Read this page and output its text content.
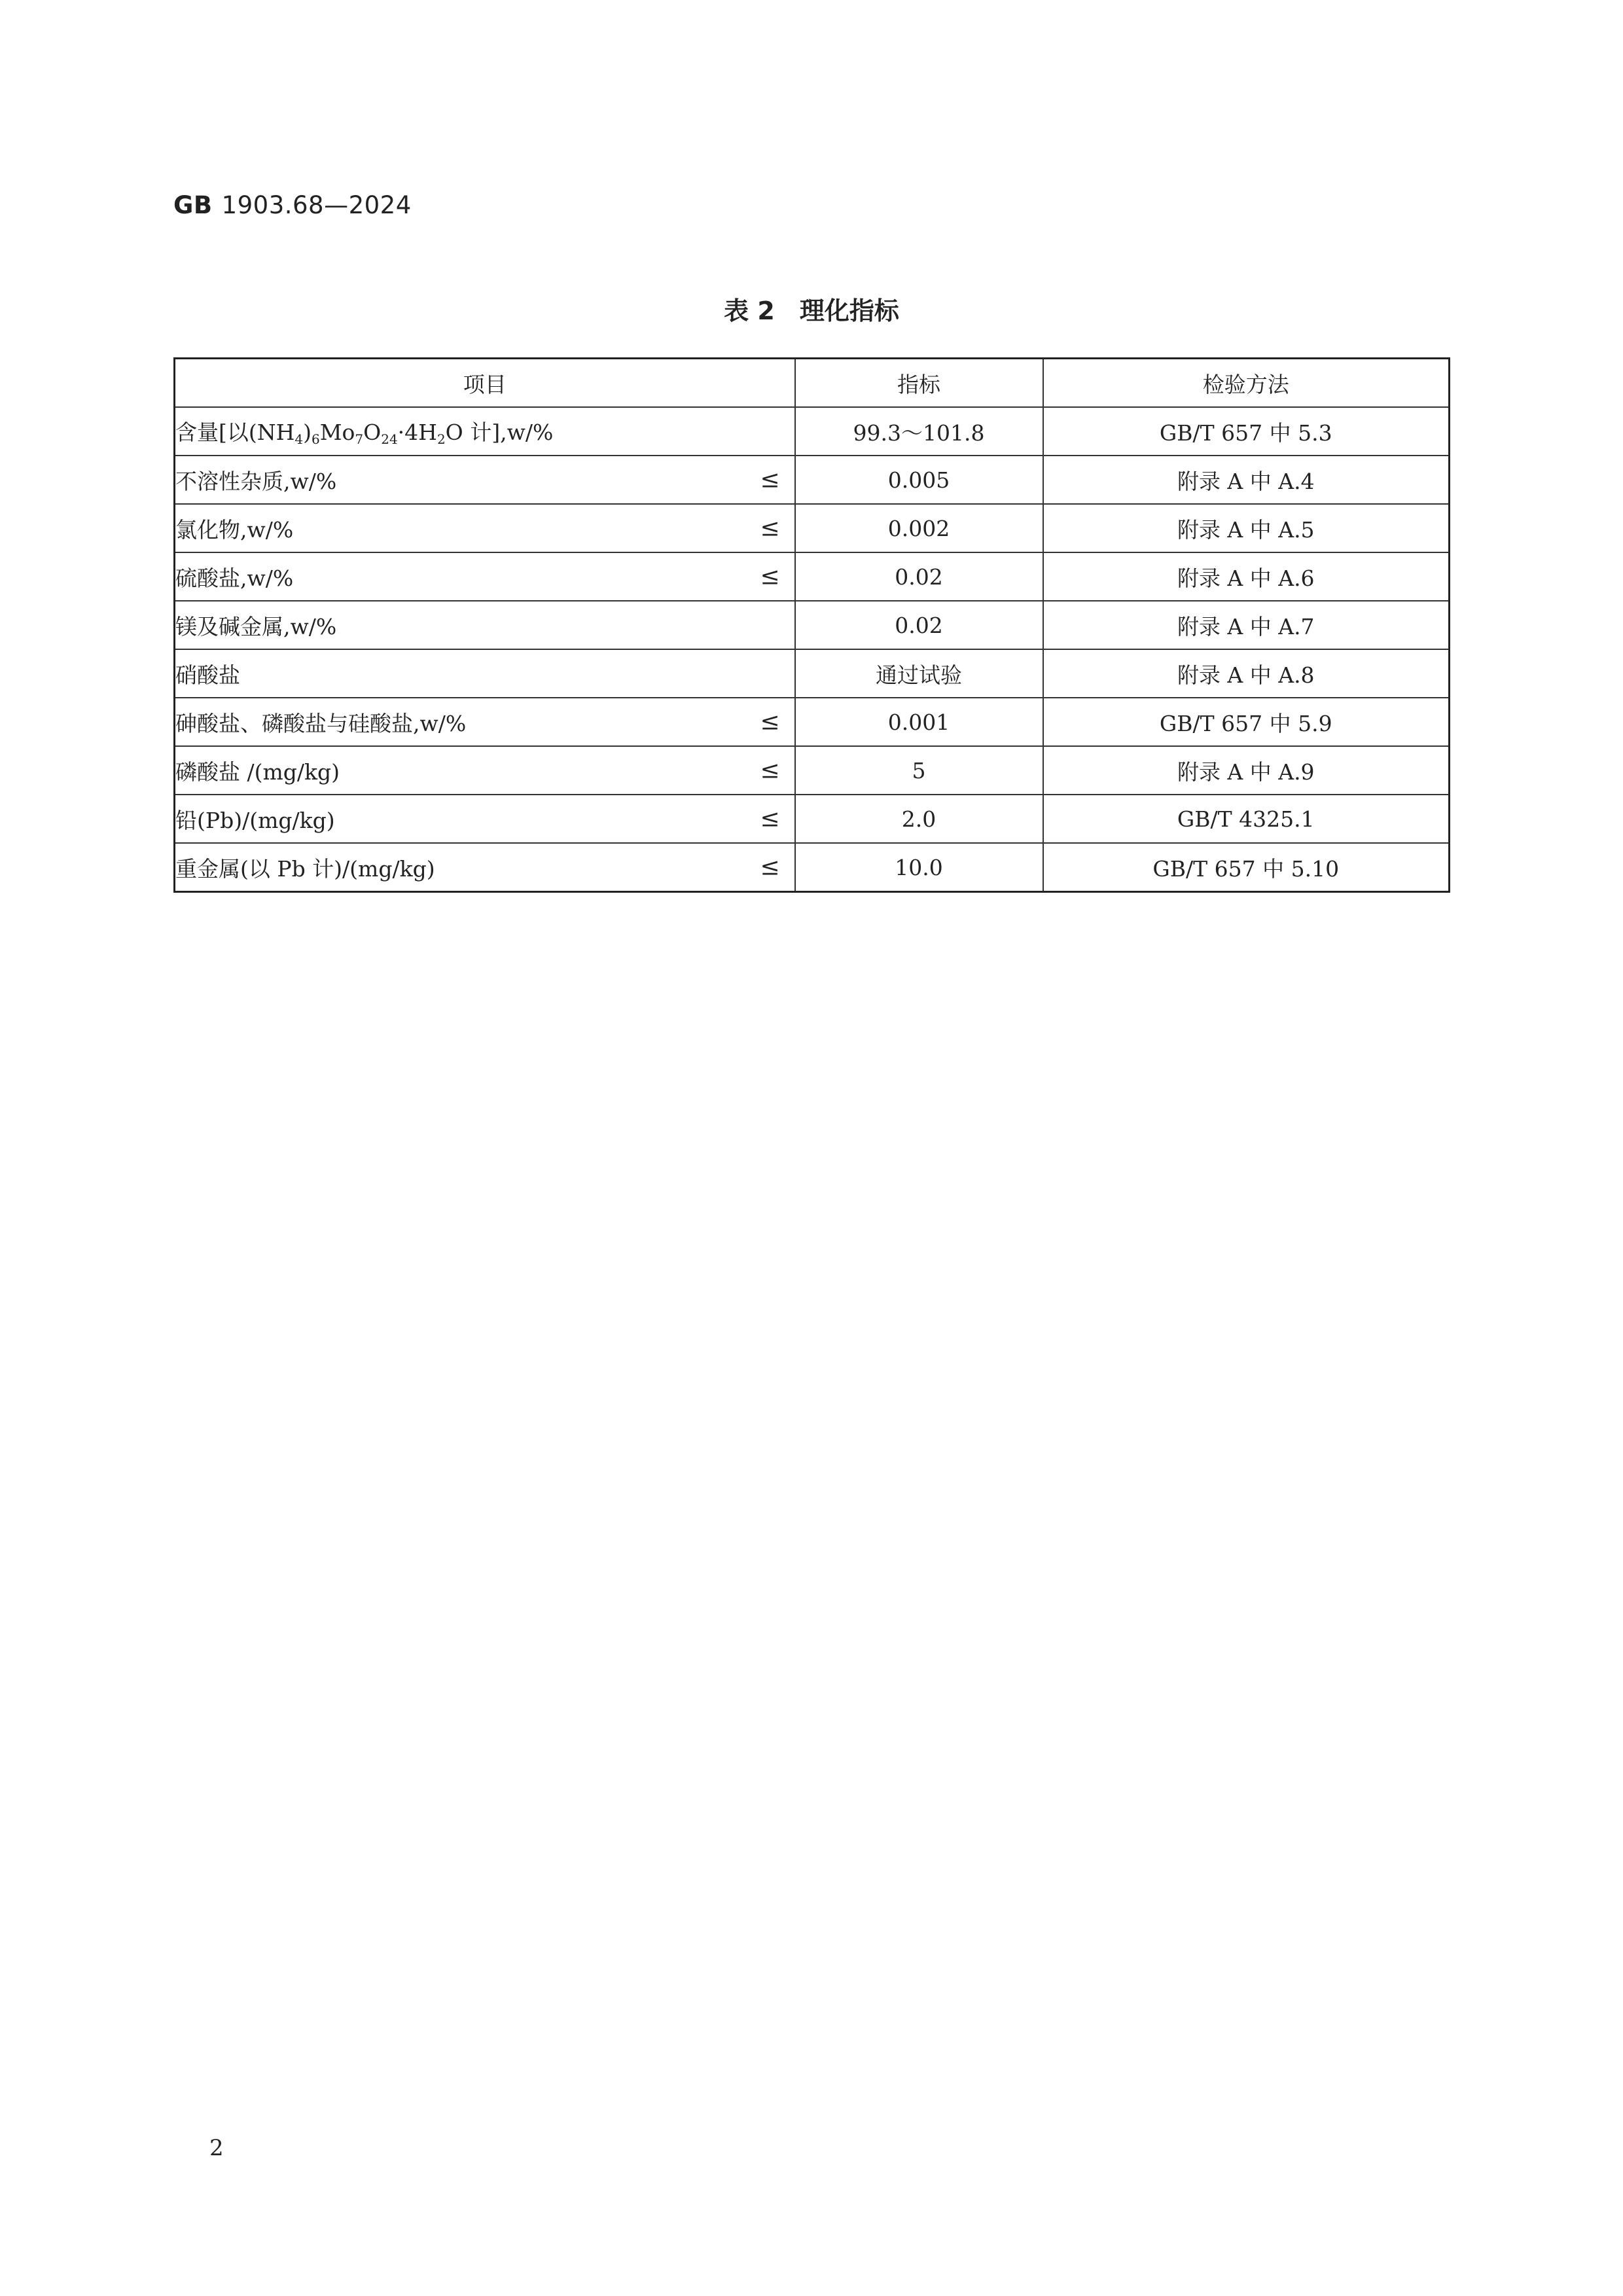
GB 1903.68—2024
表 2 理化指标
项目	指标	检验方法
含量[以$(NH_4)_6Mo_7O_{24}\cdot 4H_2O$ 计],w/%	99.3～101.8	GB/T 657 中 5.3
不溶性杂质,w/% ≤	0.005	附录 A 中 A.4
氯化物,w/% ≤	0.002	附录 A 中 A.5
硫酸盐,w/% ≤	0.02	附录 A 中 A.6
镁及碱金属,w/%	0.02	附录 A 中 A.7
硝酸盐	通过试验	附录 A 中 A.8
砷酸盐、磷酸盐与硅酸盐,w/% ≤	0.001	GB/T 657 中 5.9
磷酸盐 /(mg/kg) ≤	5	附录 A 中 A.9
铅(Pb)/(mg/kg) ≤	2.0	GB/T 4325.1
重金属(以 Pb 计)/(mg/kg) ≤	10.0	GB/T 657 中 5.10
2
